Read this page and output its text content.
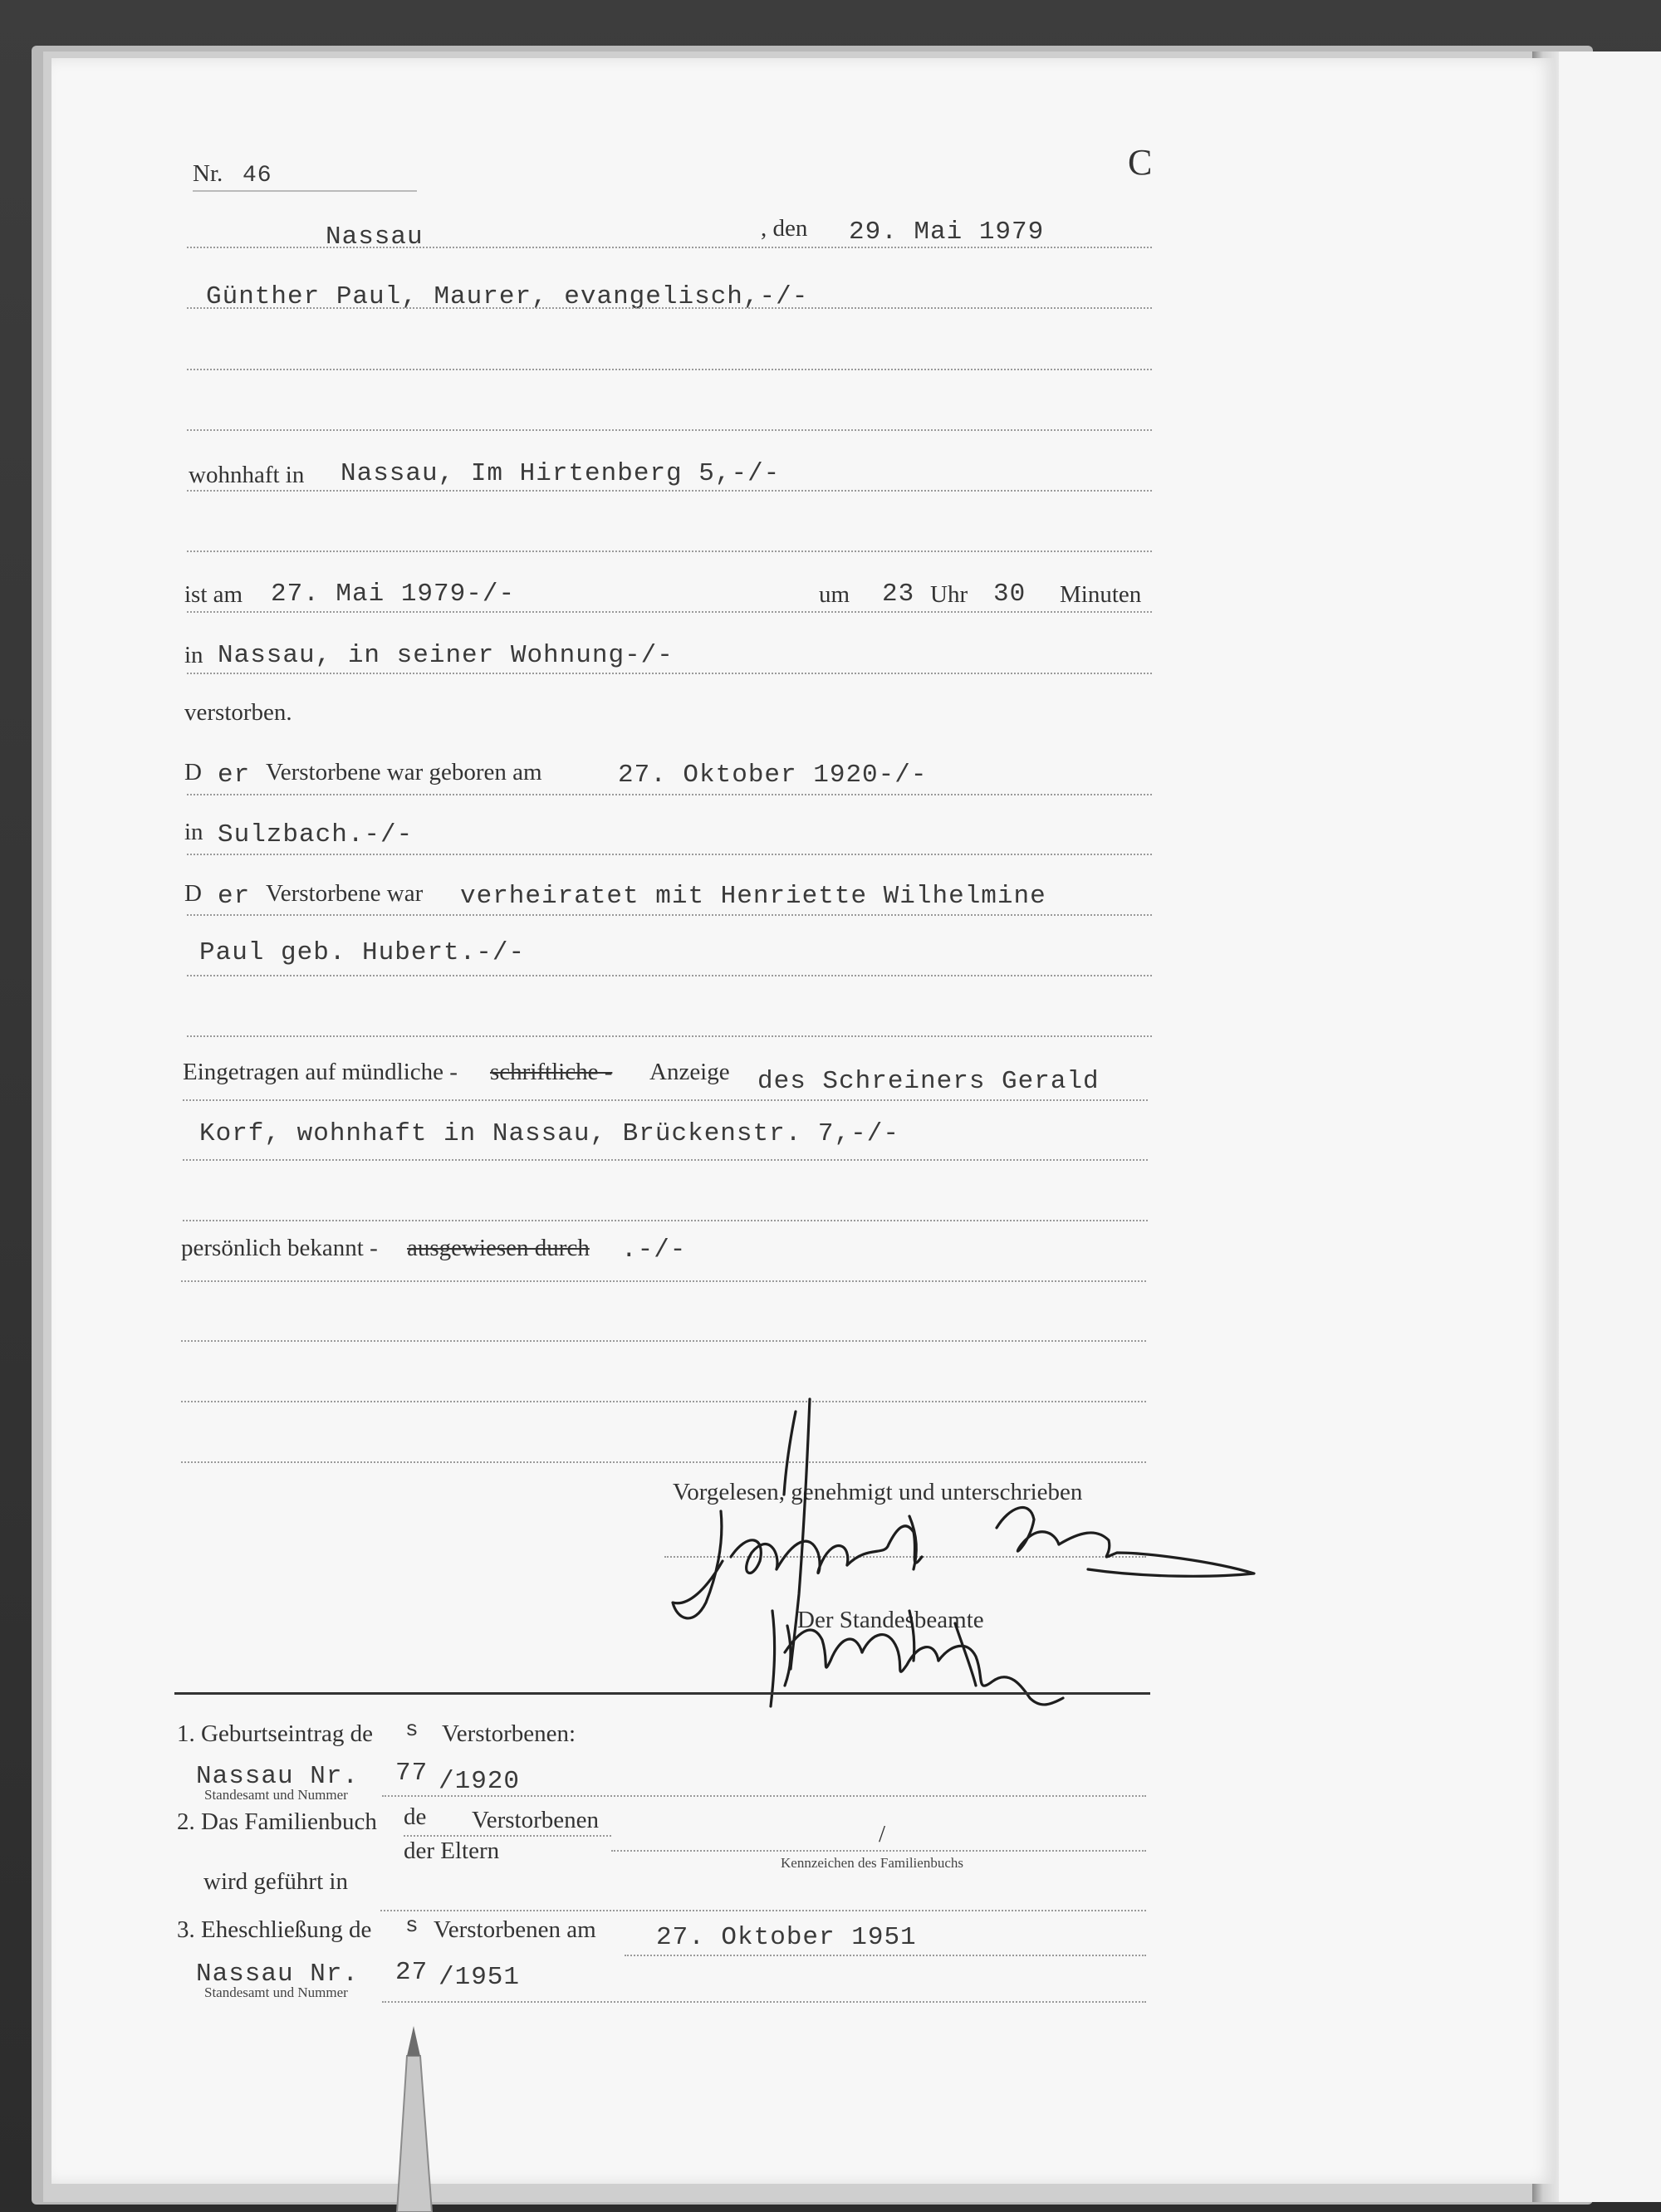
Nr. 46	C
Nassau	, den 29. Mai 1979
Günther Paul, Maurer, evangelisch,-/-
wohnhaft in Nassau, Im Hirtenberg 5,-/-
ist am 27. Mai 1979-/-	um 23 Uhr 30 Minuten
in Nassau, in seiner Wohnung-/-
verstorben.
D er Verstorbene war geboren am	27. Oktober 1920-/-
in Sulzbach.-/-
D er Verstorbene war verheiratet mit Henriette Wilhelmine
Paul geb. Hubert.-/-
Eingetragen auf mündliche - schriftliche - Anzeige des Schreiners Gerald
Korf, wohnhaft in Nassau, Brückenstr. 7,-/-
persönlich bekannt - ausgewiesen durch .-/-
Vorgelesen, genehmigt und unterschrieben
Der Standesbeamte
1. Geburtseintrag de s Verstorbenen:
Nassau Nr. 77 /1920
Standesamt und Nummer
2. Das Familienbuch de Verstorbenen
der Eltern
/
Kennzeichen des Familienbuchs
wird geführt in
3. Eheschließung de s Verstorbenen am 27. Oktober 1951
Nassau Nr. 27 /1951
Standesamt und Nummer
